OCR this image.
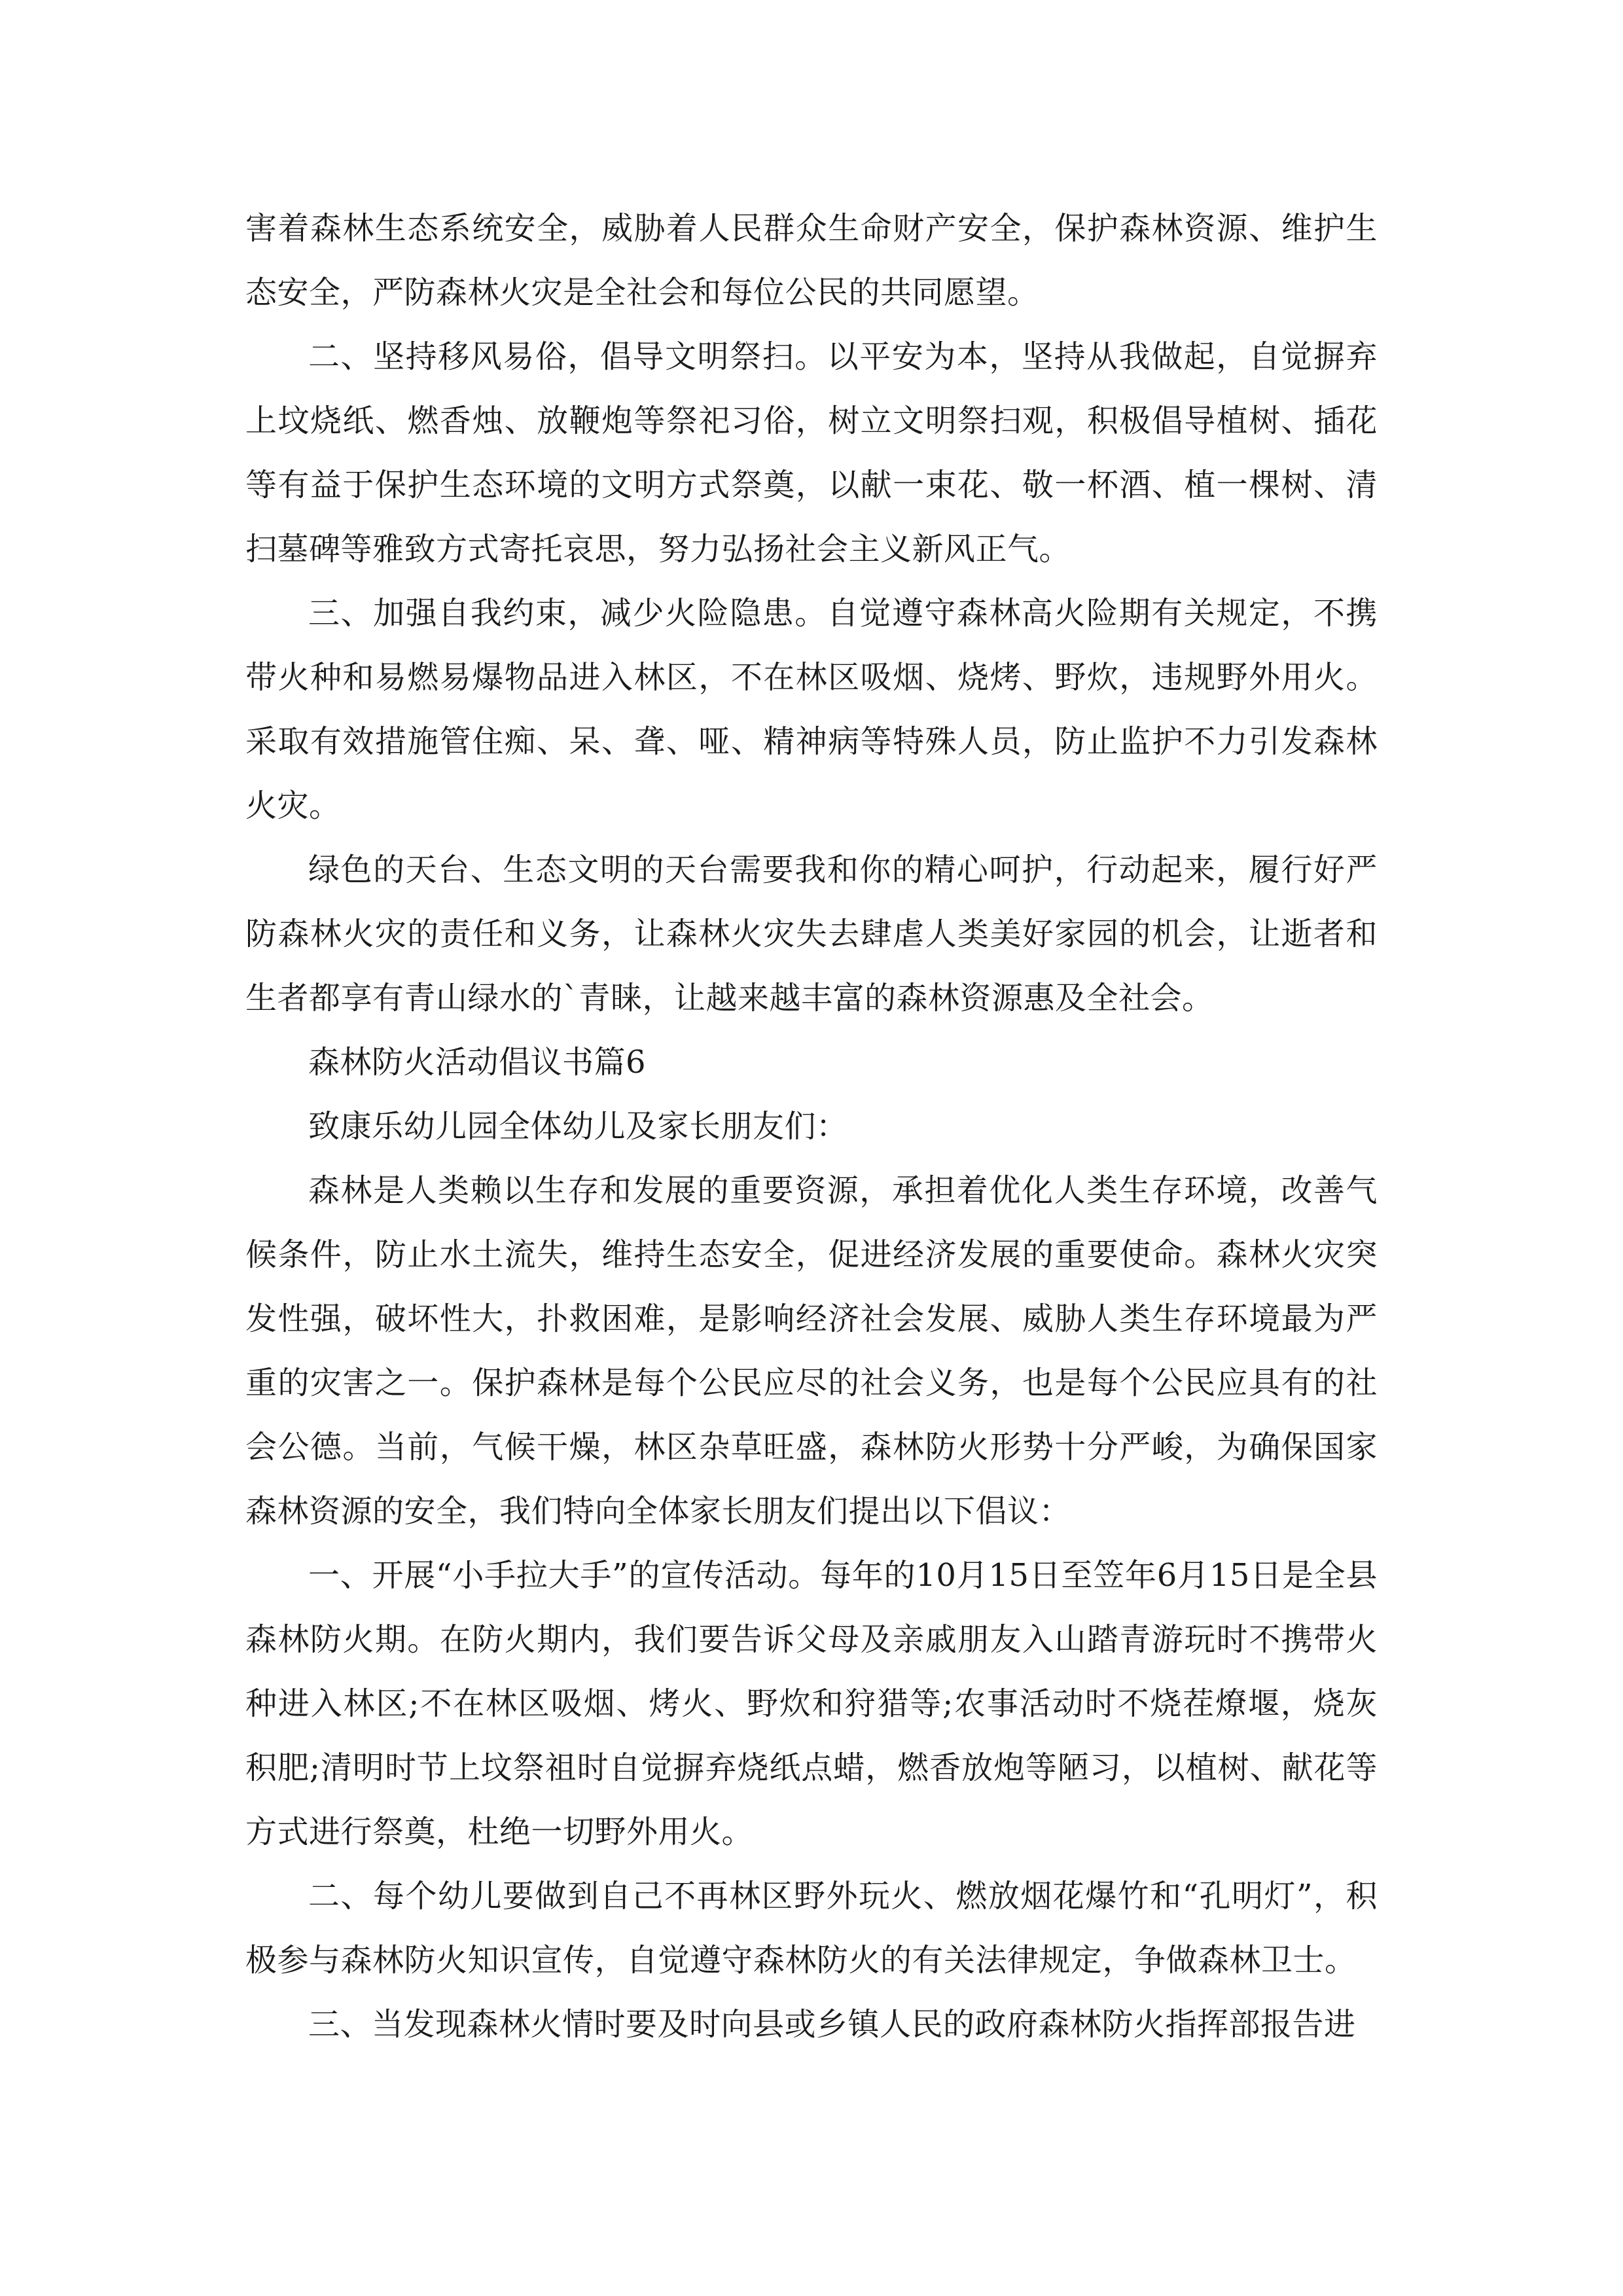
害着森林生态系统安全，威胁着人民群众生命财产安全，保护森林资源、维护生态安全，严防森林火灾是全社会和每位公民的共同愿望。

二、坚持移风易俗，倡导文明祭扫。以平安为本，坚持从我做起，自觉摒弃上坟烧纸、燃香烛、放鞭炮等祭祀习俗，树立文明祭扫观，积极倡导植树、插花等有益于保护生态环境的文明方式祭奠，以献一束花、敬一杯酒、植一棵树、清扫墓碑等雅致方式寄托哀思，努力弘扬社会主义新风正气。

三、加强自我约束，减少火险隐患。自觉遵守森林高火险期有关规定，不携带火种和易燃易爆物品进入林区，不在林区吸烟、烧烤、野炊，违规野外用火。采取有效措施管住痴、呆、聋、哑、精神病等特殊人员，防止监护不力引发森林火灾。

绿色的天台、生态文明的天台需要我和你的精心呵护，行动起来，履行好严防森林火灾的责任和义务，让森林火灾失去肆虐人类美好家园的机会，让逝者和生者都享有青山绿水的`青睐，让越来越丰富的森林资源惠及全社会。

森林防火活动倡议书篇6

致康乐幼儿园全体幼儿及家长朋友们：

森林是人类赖以生存和发展的重要资源，承担着优化人类生存环境，改善气候条件，防止水土流失，维持生态安全，促进经济发展的重要使命。森林火灾突发性强，破坏性大，扑救困难，是影响经济社会发展、威胁人类生存环境最为严重的灾害之一。保护森林是每个公民应尽的社会义务，也是每个公民应具有的社会公德。当前，气候干燥，林区杂草旺盛，森林防火形势十分严峻，为确保国家森林资源的安全，我们特向全体家长朋友们提出以下倡议：

一、开展“小手拉大手”的宣传活动。每年的10月15日至笠年6月15日是全县森林防火期。在防火期内，我们要告诉父母及亲戚朋友入山踏青游玩时不携带火种进入林区;不在林区吸烟、烤火、野炊和狩猎等;农事活动时不烧茬燎堰，烧灰积肥;清明时节上坟祭祖时自觉摒弃烧纸点蜡，燃香放炮等陋习，以植树、献花等方式进行祭奠，杜绝一切野外用火。

二、每个幼儿要做到自己不再林区野外玩火、燃放烟花爆竹和“孔明灯”，积极参与森林防火知识宣传，自觉遵守森林防火的有关法律规定，争做森林卫士。

三、当发现森林火情时要及时向县或乡镇人民的政府森林防火指挥部报告进
